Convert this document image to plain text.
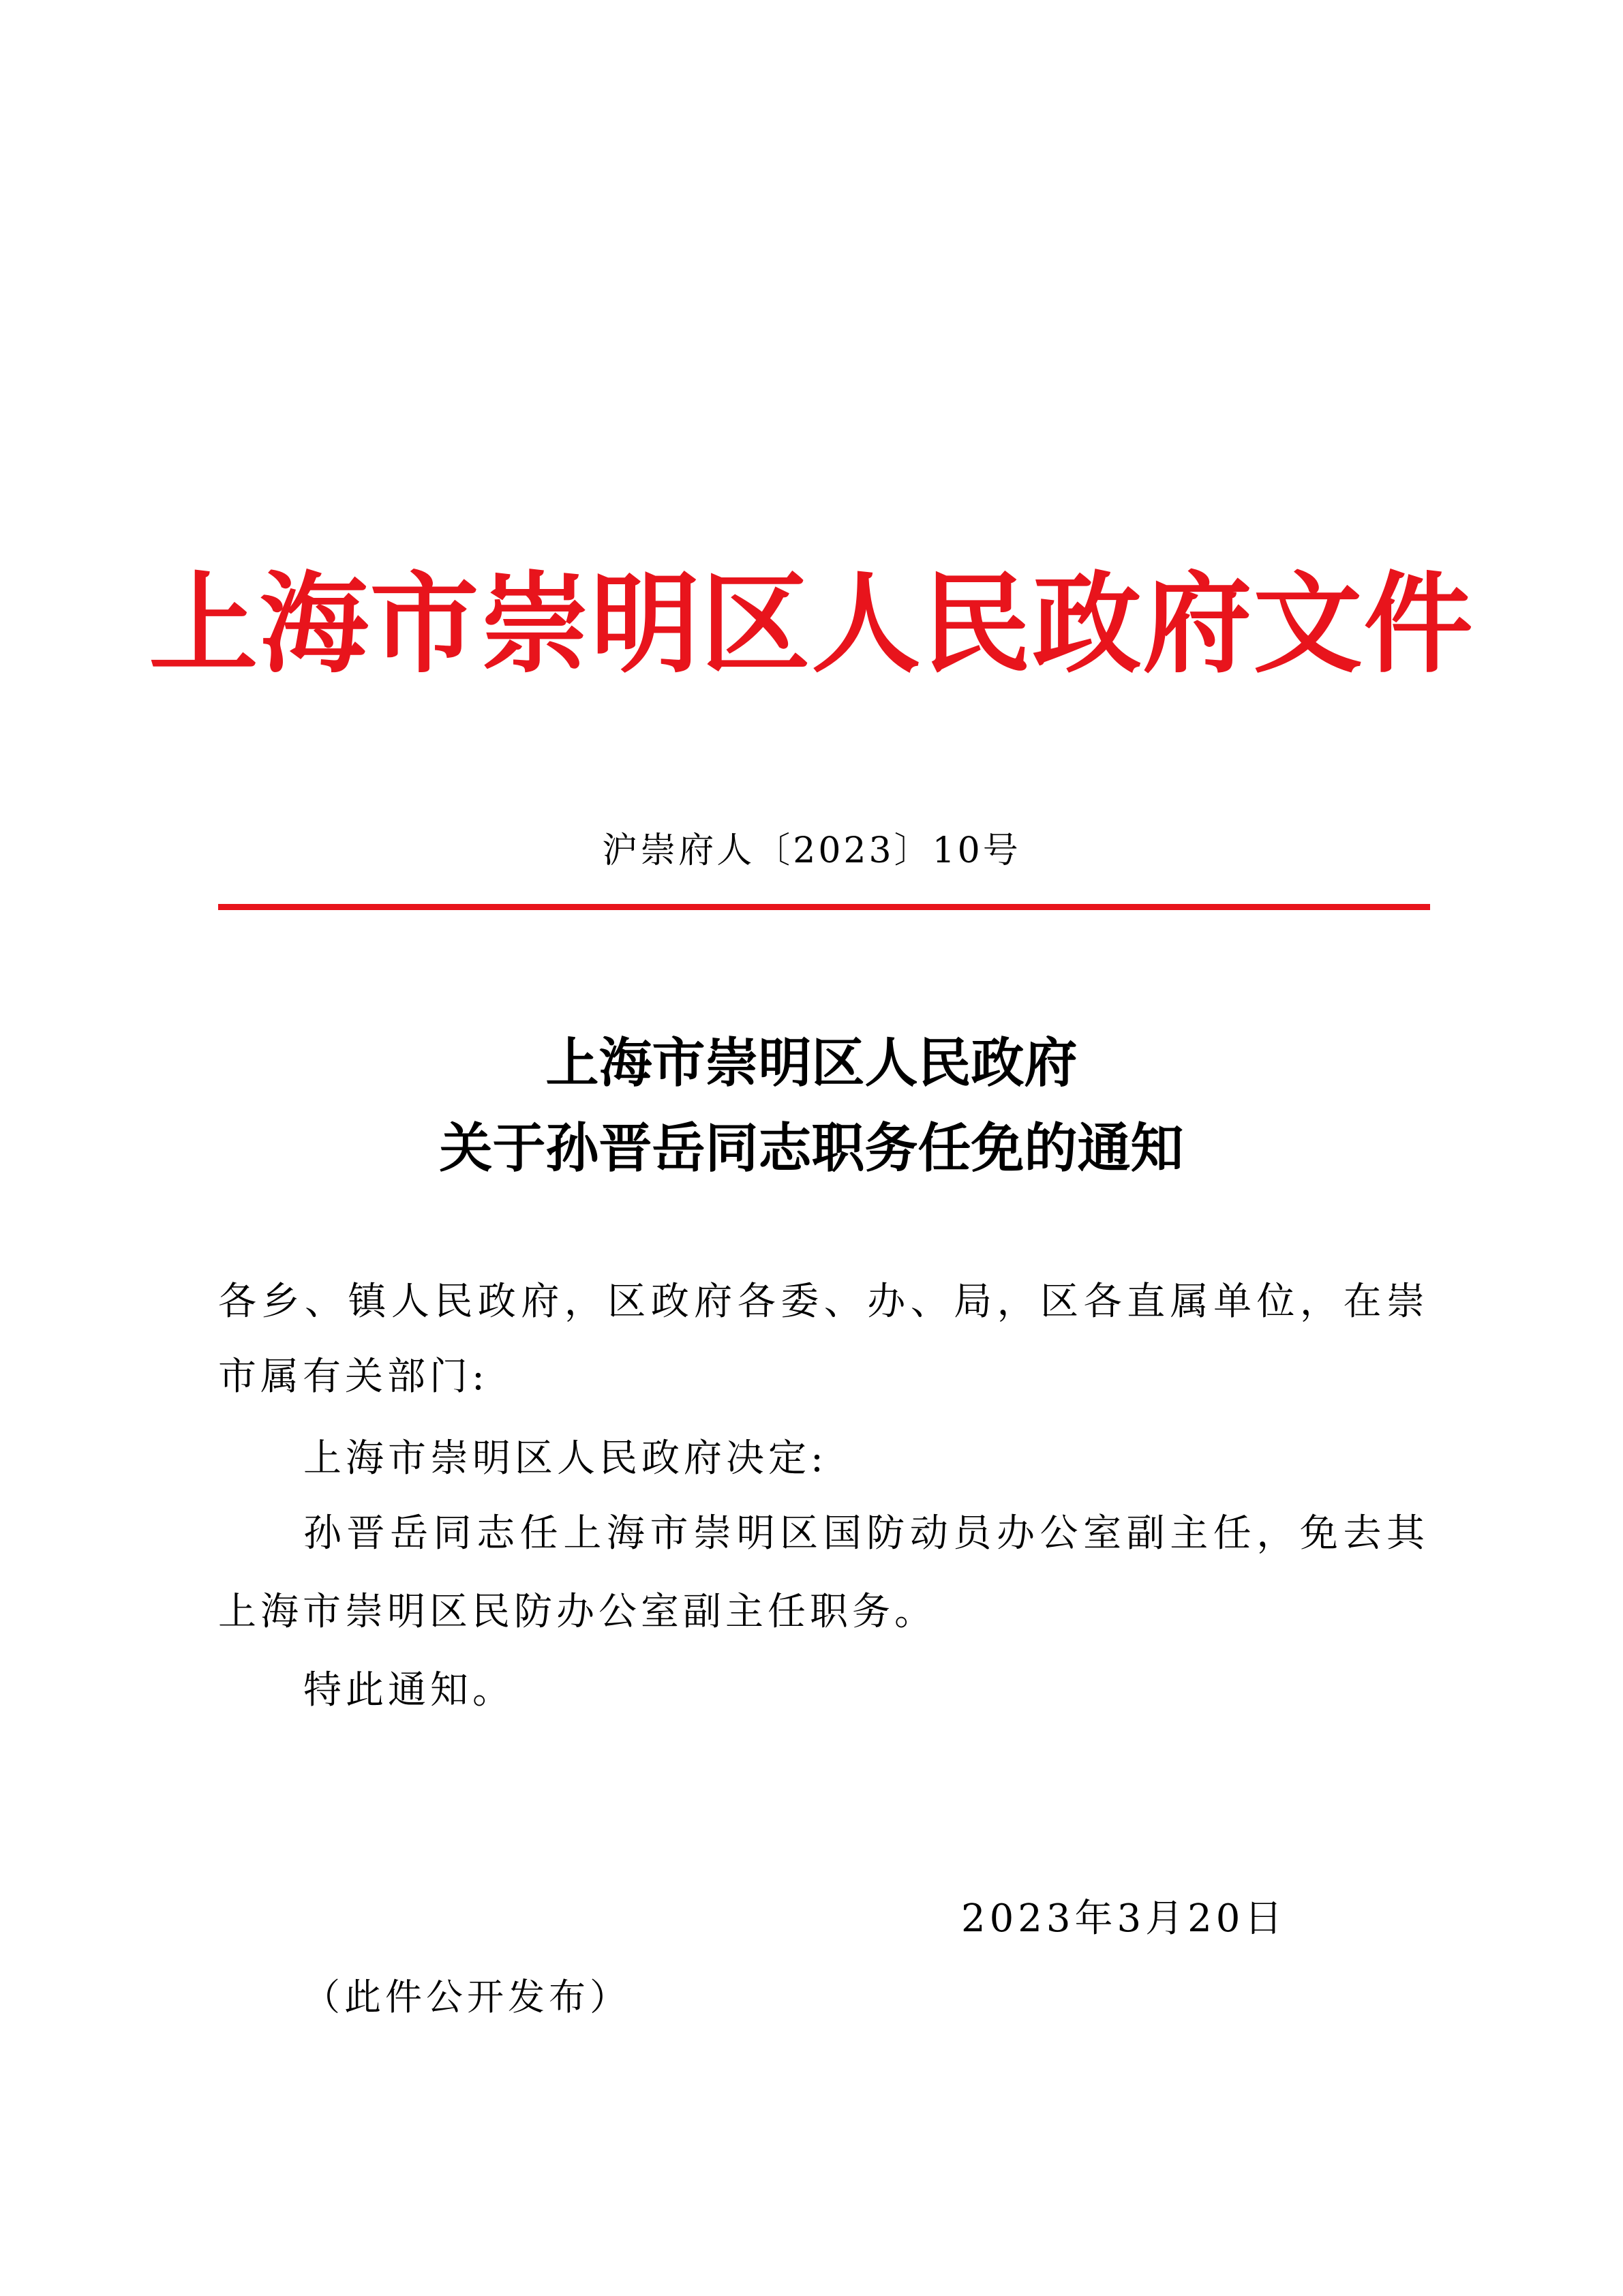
上海市崇明区人民政府文件
沪崇府人〔2023〕10号
上海市崇明区人民政府
关于孙晋岳同志职务任免的通知
各乡、镇人民政府，区政府各委、办、局，区各直属单位，在崇
市属有关部门:
上海市崇明区人民政府决定:
孙晋岳同志任上海市崇明区国防动员办公室副主任，免去其
上海市崇明区民防办公室副主任职务。
特此通知。
2023年3月20日
（此件公开发布）
